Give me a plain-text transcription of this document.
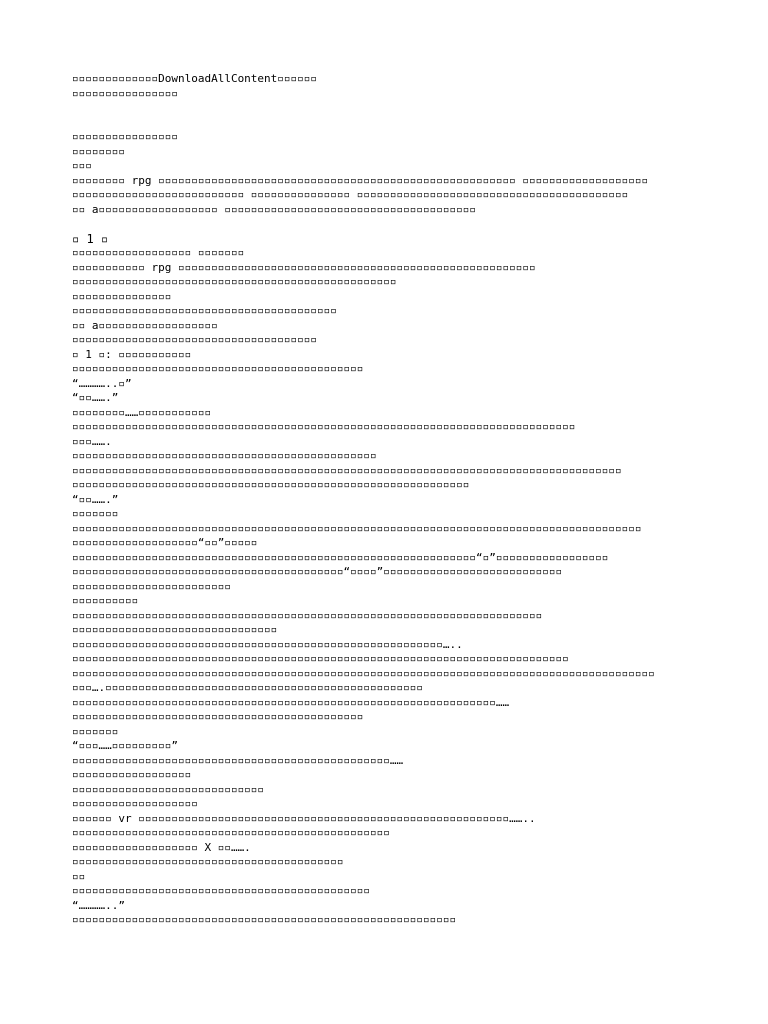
▫▫▫▫▫▫▫▫▫▫▫▫▫DownloadAllContent▫▫▫▫▫▫
▫▫▫▫▫▫▫▫▫▫▫▫▫▫▫▫
▫▫▫▫▫▫▫▫▫▫▫▫▫▫▫▫
▫▫▫▫▫▫▫▫
▫▫▫
▫▫▫▫▫▫▫▫ rpg ▫▫▫▫▫▫▫▫▫▫▫▫▫▫▫▫▫▫▫▫▫▫▫▫▫▫▫▫▫▫▫▫▫▫▫▫▫▫▫▫▫▫▫▫▫▫▫▫▫▫▫▫▫▫ ▫▫▫▫▫▫▫▫▫▫▫▫▫▫▫▫▫▫▫
▫▫▫▫▫▫▫▫▫▫▫▫▫▫▫▫▫▫▫▫▫▫▫▫▫▫ ▫▫▫▫▫▫▫▫▫▫▫▫▫▫▫ ▫▫▫▫▫▫▫▫▫▫▫▫▫▫▫▫▫▫▫▫▫▫▫▫▫▫▫▫▫▫▫▫▫▫▫▫▫▫▫▫▫
▫▫ a▫▫▫▫▫▫▫▫▫▫▫▫▫▫▫▫▫▫ ▫▫▫▫▫▫▫▫▫▫▫▫▫▫▫▫▫▫▫▫▫▫▫▫▫▫▫▫▫▫▫▫▫▫▫▫▫▫
▫ 1 ▫
▫▫▫▫▫▫▫▫▫▫▫▫▫▫▫▫▫▫ ▫▫▫▫▫▫▫
▫▫▫▫▫▫▫▫▫▫▫ rpg ▫▫▫▫▫▫▫▫▫▫▫▫▫▫▫▫▫▫▫▫▫▫▫▫▫▫▫▫▫▫▫▫▫▫▫▫▫▫▫▫▫▫▫▫▫▫▫▫▫▫▫▫▫▫
▫▫▫▫▫▫▫▫▫▫▫▫▫▫▫▫▫▫▫▫▫▫▫▫▫▫▫▫▫▫▫▫▫▫▫▫▫▫▫▫▫▫▫▫▫▫▫▫▫
▫▫▫▫▫▫▫▫▫▫▫▫▫▫▫
▫▫▫▫▫▫▫▫▫▫▫▫▫▫▫▫▫▫▫▫▫▫▫▫▫▫▫▫▫▫▫▫▫▫▫▫▫▫▫▫
▫▫ a▫▫▫▫▫▫▫▫▫▫▫▫▫▫▫▫▫▫
▫▫▫▫▫▫▫▫▫▫▫▫▫▫▫▫▫▫▫▫▫▫▫▫▫▫▫▫▫▫▫▫▫▫▫▫▫
▫ 1 ▫: ▫▫▫▫▫▫▫▫▫▫▫
▫▫▫▫▫▫▫▫▫▫▫▫▫▫▫▫▫▫▫▫▫▫▫▫▫▫▫▫▫▫▫▫▫▫▫▫▫▫▫▫▫▫▫▫
“…………..▫”
“▫▫…….”
▫▫▫▫▫▫▫▫……▫▫▫▫▫▫▫▫▫▫▫
▫▫▫▫▫▫▫▫▫▫▫▫▫▫▫▫▫▫▫▫▫▫▫▫▫▫▫▫▫▫▫▫▫▫▫▫▫▫▫▫▫▫▫▫▫▫▫▫▫▫▫▫▫▫▫▫▫▫▫▫▫▫▫▫▫▫▫▫▫▫▫▫▫▫▫▫
▫▫▫…….
▫▫▫▫▫▫▫▫▫▫▫▫▫▫▫▫▫▫▫▫▫▫▫▫▫▫▫▫▫▫▫▫▫▫▫▫▫▫▫▫▫▫▫▫▫▫
▫▫▫▫▫▫▫▫▫▫▫▫▫▫▫▫▫▫▫▫▫▫▫▫▫▫▫▫▫▫▫▫▫▫▫▫▫▫▫▫▫▫▫▫▫▫▫▫▫▫▫▫▫▫▫▫▫▫▫▫▫▫▫▫▫▫▫▫▫▫▫▫▫▫▫▫▫▫▫▫▫▫▫
▫▫▫▫▫▫▫▫▫▫▫▫▫▫▫▫▫▫▫▫▫▫▫▫▫▫▫▫▫▫▫▫▫▫▫▫▫▫▫▫▫▫▫▫▫▫▫▫▫▫▫▫▫▫▫▫▫▫▫▫
“▫▫…….”
▫▫▫▫▫▫▫
▫▫▫▫▫▫▫▫▫▫▫▫▫▫▫▫▫▫▫▫▫▫▫▫▫▫▫▫▫▫▫▫▫▫▫▫▫▫▫▫▫▫▫▫▫▫▫▫▫▫▫▫▫▫▫▫▫▫▫▫▫▫▫▫▫▫▫▫▫▫▫▫▫▫▫▫▫▫▫▫▫▫▫▫▫▫
▫▫▫▫▫▫▫▫▫▫▫▫▫▫▫▫▫▫▫“▫▫”▫▫▫▫▫
▫▫▫▫▫▫▫▫▫▫▫▫▫▫▫▫▫▫▫▫▫▫▫▫▫▫▫▫▫▫▫▫▫▫▫▫▫▫▫▫▫▫▫▫▫▫▫▫▫▫▫▫▫▫▫▫▫▫▫▫▫“▫”▫▫▫▫▫▫▫▫▫▫▫▫▫▫▫▫▫
▫▫▫▫▫▫▫▫▫▫▫▫▫▫▫▫▫▫▫▫▫▫▫▫▫▫▫▫▫▫▫▫▫▫▫▫▫▫▫▫▫“▫▫▫▫”▫▫▫▫▫▫▫▫▫▫▫▫▫▫▫▫▫▫▫▫▫▫▫▫▫▫▫
▫▫▫▫▫▫▫▫▫▫▫▫▫▫▫▫▫▫▫▫▫▫▫▫
▫▫▫▫▫▫▫▫▫▫
▫▫▫▫▫▫▫▫▫▫▫▫▫▫▫▫▫▫▫▫▫▫▫▫▫▫▫▫▫▫▫▫▫▫▫▫▫▫▫▫▫▫▫▫▫▫▫▫▫▫▫▫▫▫▫▫▫▫▫▫▫▫▫▫▫▫▫▫▫▫▫
▫▫▫▫▫▫▫▫▫▫▫▫▫▫▫▫▫▫▫▫▫▫▫▫▫▫▫▫▫▫▫
▫▫▫▫▫▫▫▫▫▫▫▫▫▫▫▫▫▫▫▫▫▫▫▫▫▫▫▫▫▫▫▫▫▫▫▫▫▫▫▫▫▫▫▫▫▫▫▫▫▫▫▫▫▫▫▫…..
▫▫▫▫▫▫▫▫▫▫▫▫▫▫▫▫▫▫▫▫▫▫▫▫▫▫▫▫▫▫▫▫▫▫▫▫▫▫▫▫▫▫▫▫▫▫▫▫▫▫▫▫▫▫▫▫▫▫▫▫▫▫▫▫▫▫▫▫▫▫▫▫▫▫▫
▫▫▫▫▫▫▫▫▫▫▫▫▫▫▫▫▫▫▫▫▫▫▫▫▫▫▫▫▫▫▫▫▫▫▫▫▫▫▫▫▫▫▫▫▫▫▫▫▫▫▫▫▫▫▫▫▫▫▫▫▫▫▫▫▫▫▫▫▫▫▫▫▫▫▫▫▫▫▫▫▫▫▫▫▫▫▫▫
▫▫▫….▫▫▫▫▫▫▫▫▫▫▫▫▫▫▫▫▫▫▫▫▫▫▫▫▫▫▫▫▫▫▫▫▫▫▫▫▫▫▫▫▫▫▫▫▫▫▫▫
▫▫▫▫▫▫▫▫▫▫▫▫▫▫▫▫▫▫▫▫▫▫▫▫▫▫▫▫▫▫▫▫▫▫▫▫▫▫▫▫▫▫▫▫▫▫▫▫▫▫▫▫▫▫▫▫▫▫▫▫▫▫▫▫……
▫▫▫▫▫▫▫▫▫▫▫▫▫▫▫▫▫▫▫▫▫▫▫▫▫▫▫▫▫▫▫▫▫▫▫▫▫▫▫▫▫▫▫▫
▫▫▫▫▫▫▫
“▫▫▫……▫▫▫▫▫▫▫▫▫”
▫▫▫▫▫▫▫▫▫▫▫▫▫▫▫▫▫▫▫▫▫▫▫▫▫▫▫▫▫▫▫▫▫▫▫▫▫▫▫▫▫▫▫▫▫▫▫▫……
▫▫▫▫▫▫▫▫▫▫▫▫▫▫▫▫▫▫
▫▫▫▫▫▫▫▫▫▫▫▫▫▫▫▫▫▫▫▫▫▫▫▫▫▫▫▫▫
▫▫▫▫▫▫▫▫▫▫▫▫▫▫▫▫▫▫▫
▫▫▫▫▫▫ vr ▫▫▫▫▫▫▫▫▫▫▫▫▫▫▫▫▫▫▫▫▫▫▫▫▫▫▫▫▫▫▫▫▫▫▫▫▫▫▫▫▫▫▫▫▫▫▫▫▫▫▫▫▫▫▫▫……..
▫▫▫▫▫▫▫▫▫▫▫▫▫▫▫▫▫▫▫▫▫▫▫▫▫▫▫▫▫▫▫▫▫▫▫▫▫▫▫▫▫▫▫▫▫▫▫▫
▫▫▫▫▫▫▫▫▫▫▫▫▫▫▫▫▫▫▫ X ▫▫…….
▫▫▫▫▫▫▫▫▫▫▫▫▫▫▫▫▫▫▫▫▫▫▫▫▫▫▫▫▫▫▫▫▫▫▫▫▫▫▫▫▫
▫▫
▫▫▫▫▫▫▫▫▫▫▫▫▫▫▫▫▫▫▫▫▫▫▫▫▫▫▫▫▫▫▫▫▫▫▫▫▫▫▫▫▫▫▫▫▫
“…………..”
▫▫▫▫▫▫▫▫▫▫▫▫▫▫▫▫▫▫▫▫▫▫▫▫▫▫▫▫▫▫▫▫▫▫▫▫▫▫▫▫▫▫▫▫▫▫▫▫▫▫▫▫▫▫▫▫▫▫
